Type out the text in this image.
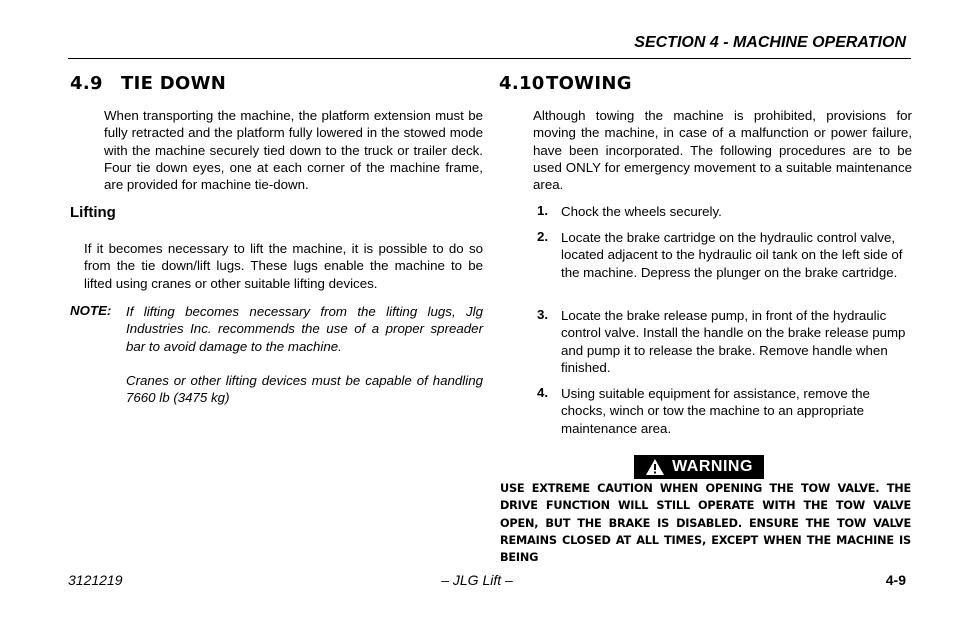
SECTION 4 - MACHINE OPERATION
4.9 TIE DOWN
When transporting the machine, the platform extension must be fully retracted and the platform fully lowered in the stowed mode with the machine securely tied down to the truck or trailer deck. Four tie down eyes, one at each corner of the machine frame, are provided for machine tie-down.
Lifting
If it becomes necessary to lift the machine, it is possible to do so from the tie down/lift lugs. These lugs enable the machine to be lifted using cranes or other suitable lifting devices.
NOTE: If lifting becomes necessary from the lifting lugs, Jlg Industries Inc. recommends the use of a proper spreader bar to avoid damage to the machine.
Cranes or other lifting devices must be capable of handling 7660 lb (3475 kg)
4.10TOWING
Although towing the machine is prohibited, provisions for moving the machine, in case of a malfunction or power failure, have been incorporated. The following procedures are to be used ONLY for emergency movement to a suitable maintenance area.
1. Chock the wheels securely.
2. Locate the brake cartridge on the hydraulic control valve, located adjacent to the hydraulic oil tank on the left side of the machine. Depress the plunger on the brake cartridge.
3. Locate the brake release pump, in front of the hydraulic control valve. Install the handle on the brake release pump and pump it to release the brake. Remove handle when finished.
4. Using suitable equipment for assistance, remove the chocks, winch or tow the machine to an appropriate maintenance area.
WARNING
USE EXTREME CAUTION WHEN OPENING THE TOW VALVE. THE DRIVE FUNCTION WILL STILL OPERATE WITH THE TOW VALVE OPEN, BUT THE BRAKE IS DISABLED. ENSURE THE TOW VALVE REMAINS CLOSED AT ALL TIMES, EXCEPT WHEN THE MACHINE IS BEING
3121219	– JLG Lift –	4-9
